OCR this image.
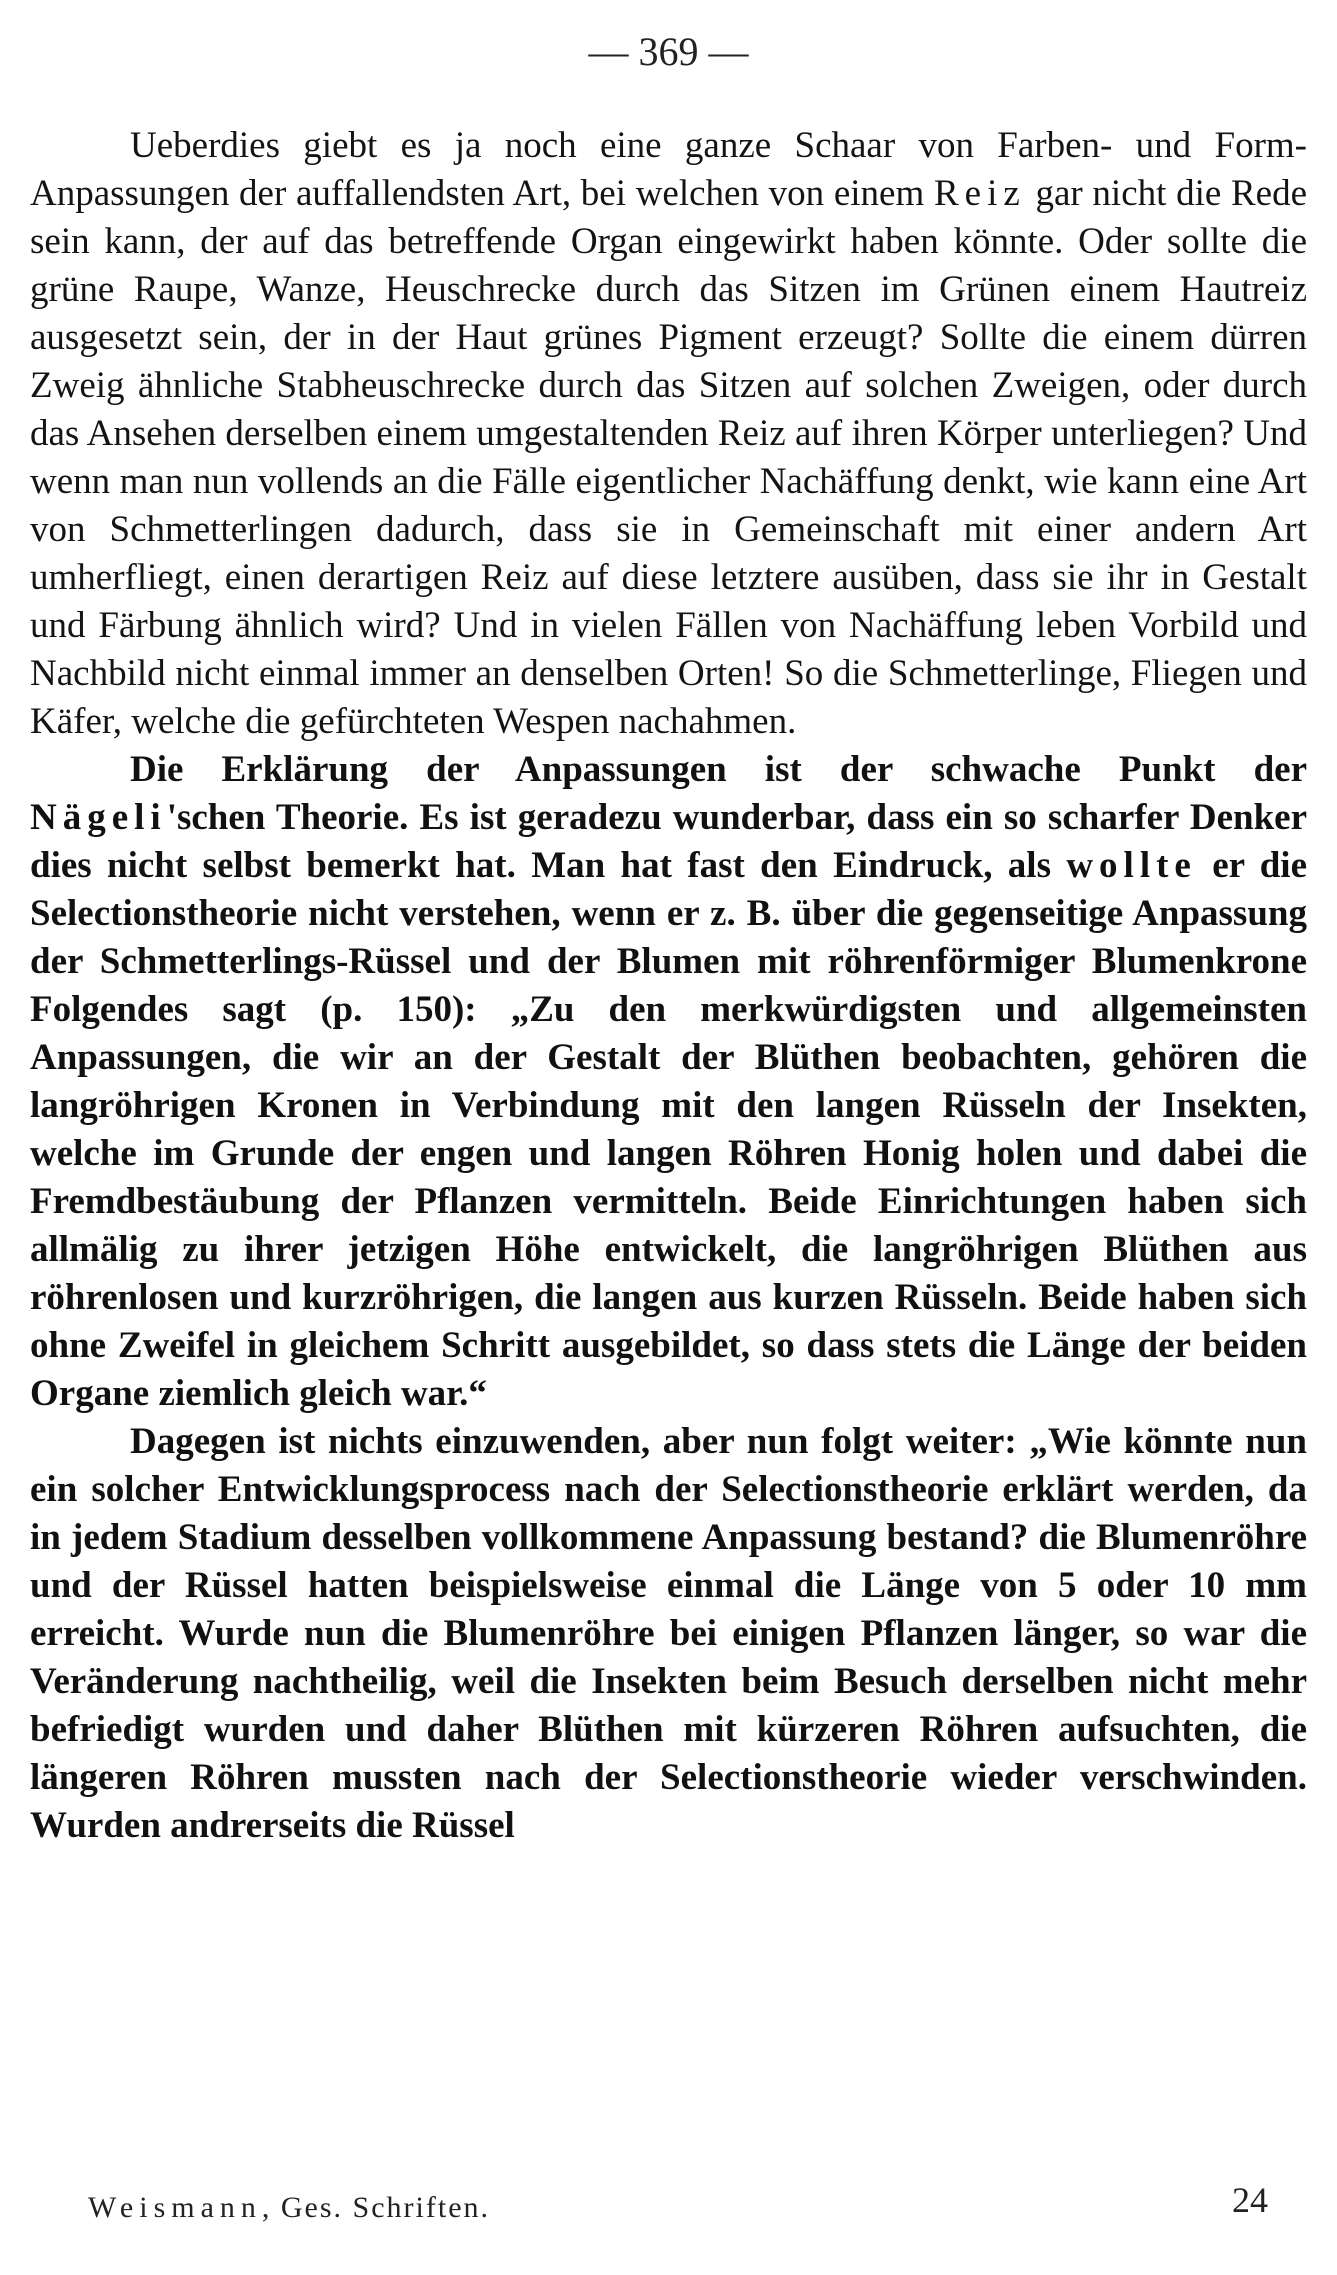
— 369 —

Ueberdies giebt es ja noch eine ganze Schaar von Farben- und Form-Anpassungen der auffallendsten Art, bei welchen von einem Reiz gar nicht die Rede sein kann, der auf das betreffende Organ eingewirkt haben könnte. Oder sollte die grüne Raupe, Wanze, Heuschrecke durch das Sitzen im Grünen einem Hautreiz ausgesetzt sein, der in der Haut grünes Pigment erzeugt? Sollte die einem dürren Zweig ähnliche Stabheuschrecke durch das Sitzen auf solchen Zweigen, oder durch das Ansehen derselben einem umgestaltenden Reiz auf ihren Körper unterliegen? Und wenn man nun vollends an die Fälle eigentlicher Nachäffung denkt, wie kann eine Art von Schmetterlingen dadurch, dass sie in Gemeinschaft mit einer andern Art umherfliegt, einen derartigen Reiz auf diese letztere ausüben, dass sie ihr in Gestalt und Färbung ähnlich wird? Und in vielen Fällen von Nachäffung leben Vorbild und Nachbild nicht einmal immer an denselben Orten! So die Schmetterlinge, Fliegen und Käfer, welche die gefürchteten Wespen nachahmen.

Die Erklärung der Anpassungen ist der schwache Punkt der Nägeli'schen Theorie. Es ist geradezu wunderbar, dass ein so scharfer Denker dies nicht selbst bemerkt hat. Man hat fast den Eindruck, als wollte er die Selectionstheorie nicht verstehen, wenn er z. B. über die gegenseitige Anpassung der Schmetterlings-Rüssel und der Blumen mit röhrenförmiger Blumenkrone Folgendes sagt (p. 150): „Zu den merkwürdigsten und allgemeinsten Anpassungen, die wir an der Gestalt der Blüthen beobachten, gehören die langröhrigen Kronen in Verbindung mit den langen Rüsseln der Insekten, welche im Grunde der engen und langen Röhren Honig holen und dabei die Fremdbestäubung der Pflanzen vermitteln. Beide Einrichtungen haben sich allmälig zu ihrer jetzigen Höhe entwickelt, die langröhrigen Blüthen aus röhrenlosen und kurzröhrigen, die langen aus kurzen Rüsseln. Beide haben sich ohne Zweifel in gleichem Schritt ausgebildet, so dass stets die Länge der beiden Organe ziemlich gleich war.“

Dagegen ist nichts einzuwenden, aber nun folgt weiter: „Wie könnte nun ein solcher Entwicklungsprocess nach der Selectionstheorie erklärt werden, da in jedem Stadium desselben vollkommene Anpassung bestand? die Blumenröhre und der Rüssel hatten beispielsweise einmal die Länge von 5 oder 10 mm erreicht. Wurde nun die Blumenröhre bei einigen Pflanzen länger, so war die Veränderung nachtheilig, weil die Insekten beim Besuch derselben nicht mehr befriedigt wurden und daher Blüthen mit kürzeren Röhren aufsuchten, die längeren Röhren mussten nach der Selectionstheorie wieder verschwinden. Wurden andrerseits die Rüssel

Weismann, Ges. Schriften.	24
